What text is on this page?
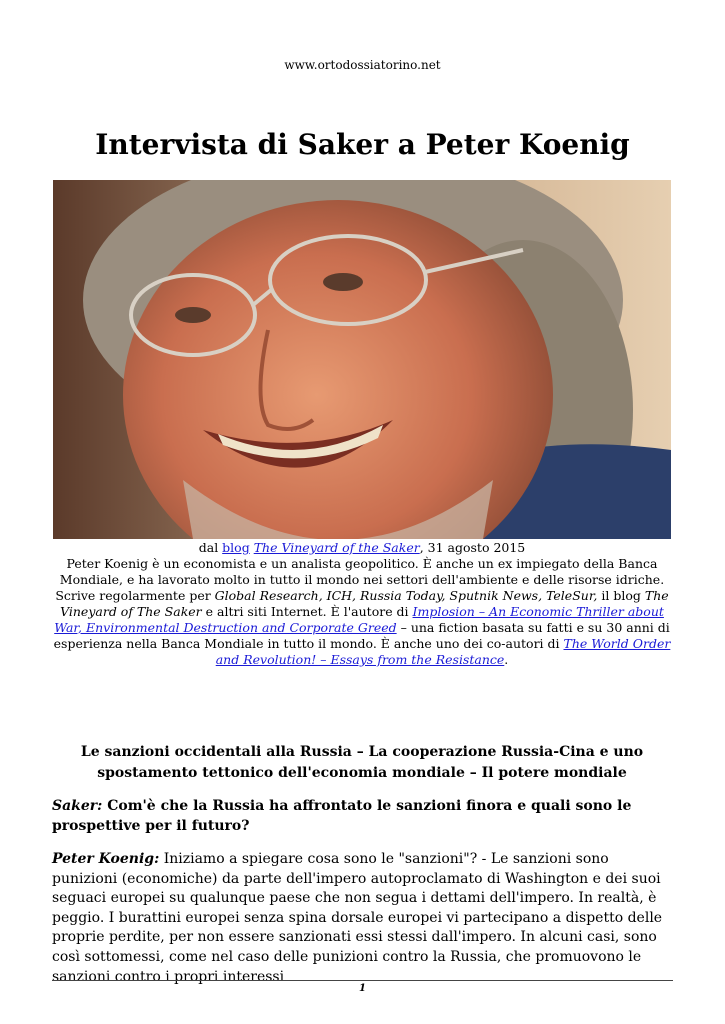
www.ortodossiatorino.net
Intervista di Saker a Peter Koenig
dal blog The Vineyard of the Saker, 31 agosto 2015
Peter Koenig è un economista e un analista geopolitico. È anche un ex impiegato della Banca Mondiale, e ha lavorato molto in tutto il mondo nei settori dell'ambiente e delle risorse idriche. Scrive regolarmente per Global Research, ICH, Russia Today, Sputnik News, TeleSur, il blog The Vineyard of The Saker e altri siti Internet. È l'autore di Implosion – An Economic Thriller about War, Environmental Destruction and Corporate Greed – una fiction basata su fatti e su 30 anni di esperienza nella Banca Mondiale in tutto il mondo. È anche uno dei co-autori di The World Order and Revolution! – Essays from the Resistance.
Le sanzioni occidentali alla Russia – La cooperazione Russia-Cina e uno spostamento tettonico dell'economia mondiale – Il potere mondiale

Saker: Com'è che la Russia ha affrontato le sanzioni finora e quali sono le prospettive per il futuro?

Peter Koenig: Iniziamo a spiegare cosa sono le "sanzioni"? - Le sanzioni sono punizioni (economiche) da parte dell'impero autoproclamato di Washington e dei suoi seguaci europei su qualunque paese che non segua i dettami dell'impero. In realtà, è peggio. I burattini europei senza spina dorsale europei vi partecipano a dispetto delle proprie perdite, per non essere sanzionati essi stessi dall'impero. In alcuni casi, sono così sottomessi, come nel caso delle punizioni contro la Russia, che promuovono le sanzioni contro i propri interessi

1
